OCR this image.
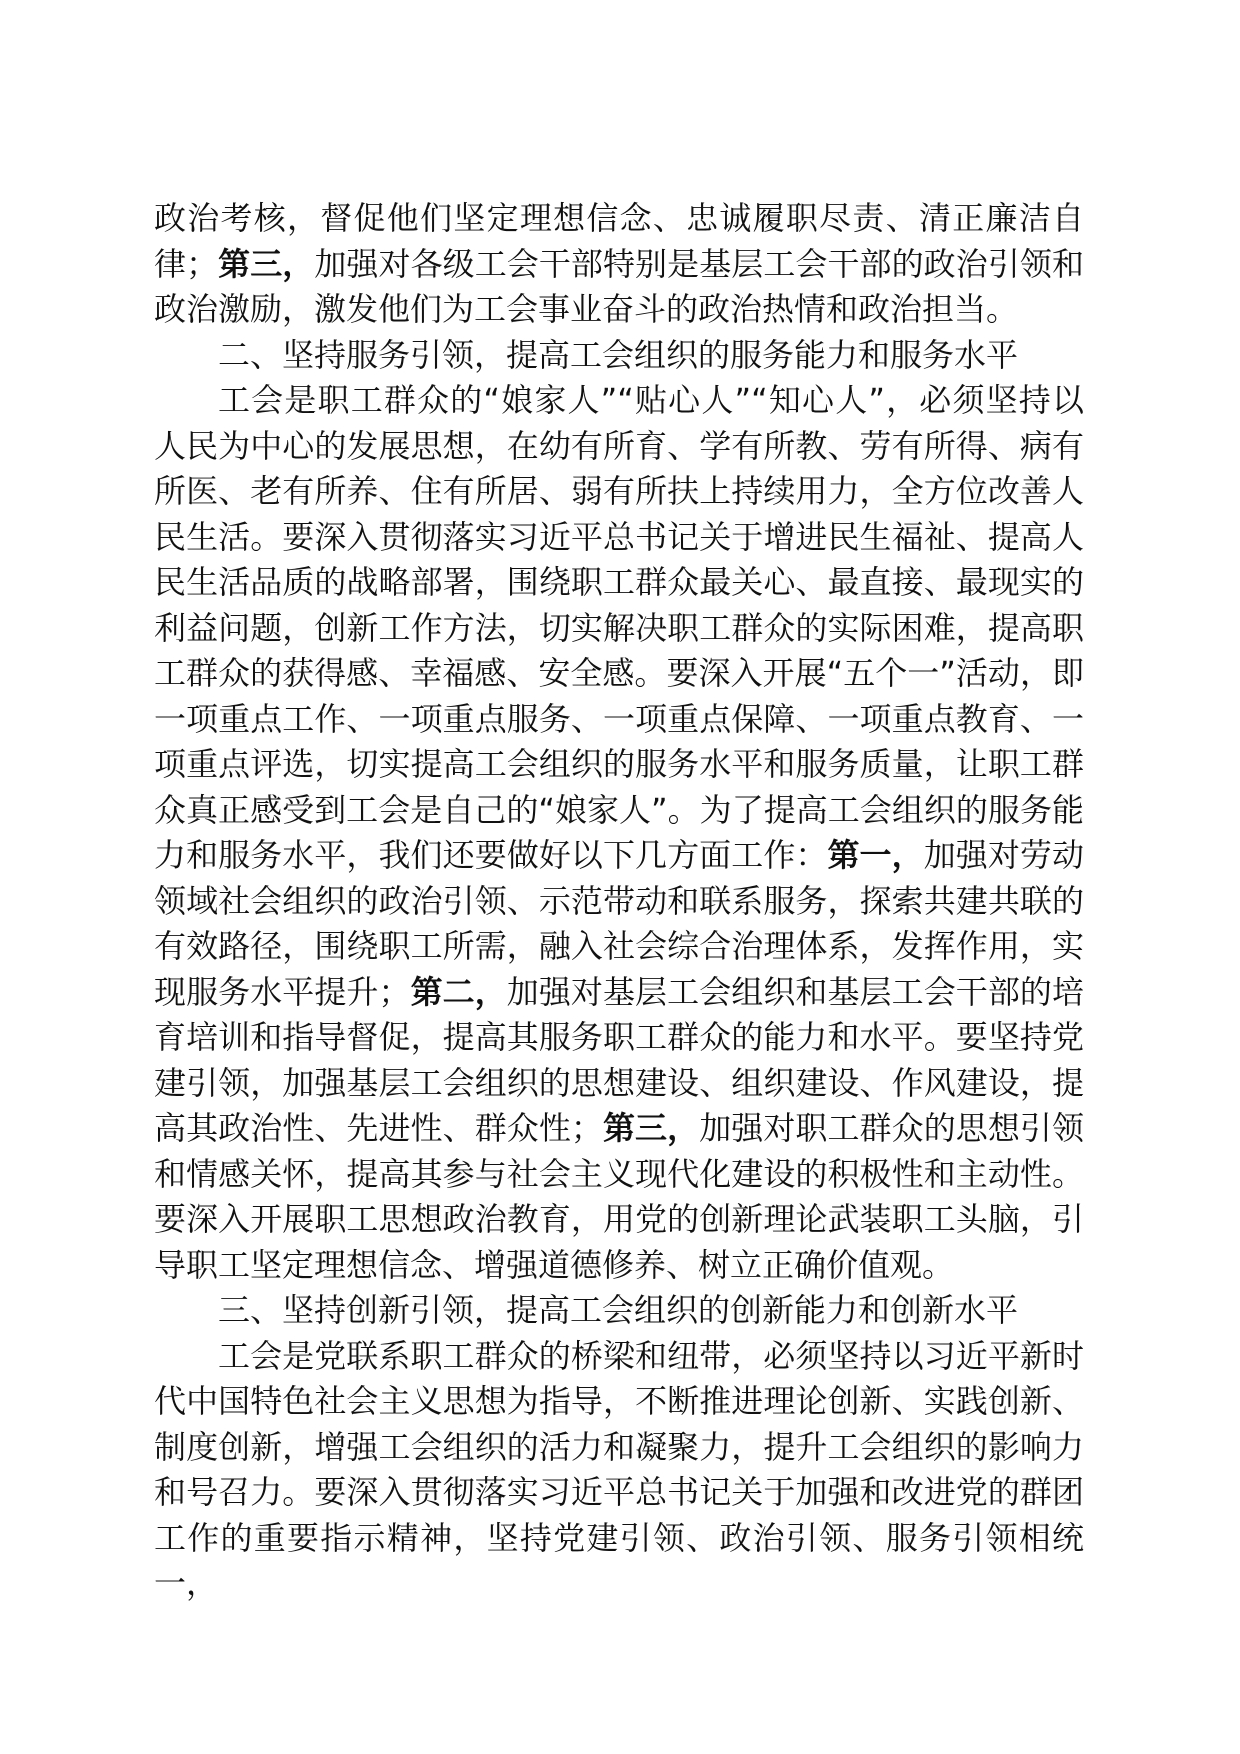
政治考核，督促他们坚定理想信念、忠诚履职尽责、清正廉洁自律；第三，加强对各级工会干部特别是基层工会干部的政治引领和政治激励，激发他们为工会事业奋斗的政治热情和政治担当。

二、坚持服务引领，提高工会组织的服务能力和服务水平

工会是职工群众的“娘家人”“贴心人”“知心人”，必须坚持以人民为中心的发展思想，在幼有所育、学有所教、劳有所得、病有所医、老有所养、住有所居、弱有所扶上持续用力，全方位改善人民生活。要深入贯彻落实习近平总书记关于增进民生福祉、提高人民生活品质的战略部署，围绕职工群众最关心、最直接、最现实的利益问题，创新工作方法，切实解决职工群众的实际困难，提高职工群众的获得感、幸福感、安全感。要深入开展“五个一”活动，即一项重点工作、一项重点服务、一项重点保障、一项重点教育、一项重点评选，切实提高工会组织的服务水平和服务质量，让职工群众真正感受到工会是自己的“娘家人”。为了提高工会组织的服务能力和服务水平，我们还要做好以下几方面工作：第一，加强对劳动领域社会组织的政治引领、示范带动和联系服务，探索共建共联的有效路径，围绕职工所需，融入社会综合治理体系，发挥作用，实现服务水平提升；第二，加强对基层工会组织和基层工会干部的培育培训和指导督促，提高其服务职工群众的能力和水平。要坚持党建引领，加强基层工会组织的思想建设、组织建设、作风建设，提高其政治性、先进性、群众性；第三，加强对职工群众的思想引领和情感关怀，提高其参与社会主义现代化建设的积极性和主动性。要深入开展职工思想政治教育，用党的创新理论武装职工头脑，引导职工坚定理想信念、增强道德修养、树立正确价值观。

三、坚持创新引领，提高工会组织的创新能力和创新水平

工会是党联系职工群众的桥梁和纽带，必须坚持以习近平新时代中国特色社会主义思想为指导，不断推进理论创新、实践创新、制度创新，增强工会组织的活力和凝聚力，提升工会组织的影响力和号召力。要深入贯彻落实习近平总书记关于加强和改进党的群团工作的重要指示精神，坚持党建引领、政治引领、服务引领相统一，
